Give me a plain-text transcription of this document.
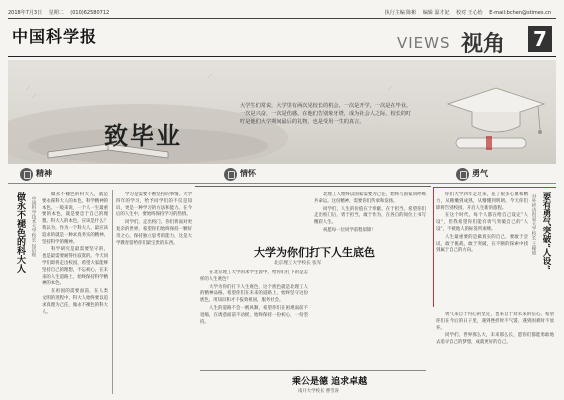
2018年7月3日 星期二 (010)62580712	执行主编 陈彬 编辑 温才妃 校对 王心怡 E-mail:bchen@stimes.cn
中国科学报	VIEWS 视角 7
致毕业
大学生们常说，大学里有两次见校长的机会，一次是开学，一次是在毕业。一次是兴奋，一次是伤感。在他们告别象牙塔，成为社会人之际，校长的叮咛是他们大学期间最后的礼物，也是受用一生的真言。
精神	情怀	勇气
做永不褪色的科大人	中国科学技术大学校长 包信和

做永不褪色的科大人，就是要永葆科大人的本色，科学精神的本色。一般来说，一个人一生最重要的本色，就是要忠于自己的理想。科大人的本色，应该是什么？我认为，作为一个科大人，最应该追求的就是一种求真务实的精神，坚持科学的精神。

科学研究是最需要坚守的，也是最需要耐得住寂寞的。今天同学们即将走出校园，希望大家能够坚持自己的理想，不忘初心，在未来的人生道路上，始终保持科学精神的本色。

在祖国的需要面前，在人类文明的进程中，科大人始终要以追求真理为己任，做永不褪色的科大人。

学习是需要不断坚持的事情。大学四年的学习，给予同学们的不仅是知识，更是一种学习的方法和能力。在今后的人生中，要始终保持学习的热情。

同学们，走出校门，你们将面对更复杂的世界，希望你们始终保持一颗好奇之心，保持独立思考的能力，这是大学教育留给你们最宝贵的东西。

大学为你们打下人生底色
北京理工大学校长 张军

在北京理工大学的求学生涯中，给你们打下的是怎样的人生底色？

大学为你们打下人生底色，这个底色就是北理工人的精神品格。希望你们在未来的道路上，始终坚守这份底色，用知识和才干报效祖国，服务社会。

人生的道路不会一帆风顺，希望你们在困难面前不退缩，在诱惑面前不动摇，始终保持一份初心，一份坚持。

北理工人始终以国家需要为己任，始终与国家同呼吸共命运。这份精神，需要你们传承和发扬。

同学们，人生的价值在于奉献，在于担当。希望你们走出校门后，勇于担当，敢于作为，在各自的岗位上书写精彩人生。

祝愿每一位同学前程似锦！

乘公是德 追求卓越
南开大学校长 曹雪涛

你们大学四年走过来，花了很多心血和精力，从稚嫩到成熟，从懵懂到明朗。今天你们即将告别校园，开启人生新的旅程。

在这个时代，每个人都在给自己设定“人设”，但我希望你们能有勇气突破自己的“人设”，不被他人的标签所束缚。

人生最重要的是做真实的自己，要敢于尝试，敢于挑战，敢于突破，在不断的探索中找到属于自己的方向。	对外经济贸易大学校长 王稼琼 要有勇气突破“人设”

勇气来自于内心的坚定，也来自于对未来的信心。希望你们在今后的日子里，遇到挫折时不气馁，遇到困难时不放弃。

同学们，世界那么大，未来那么长，愿你们都能勇敢地去追寻自己的梦想，成就更好的自己。
